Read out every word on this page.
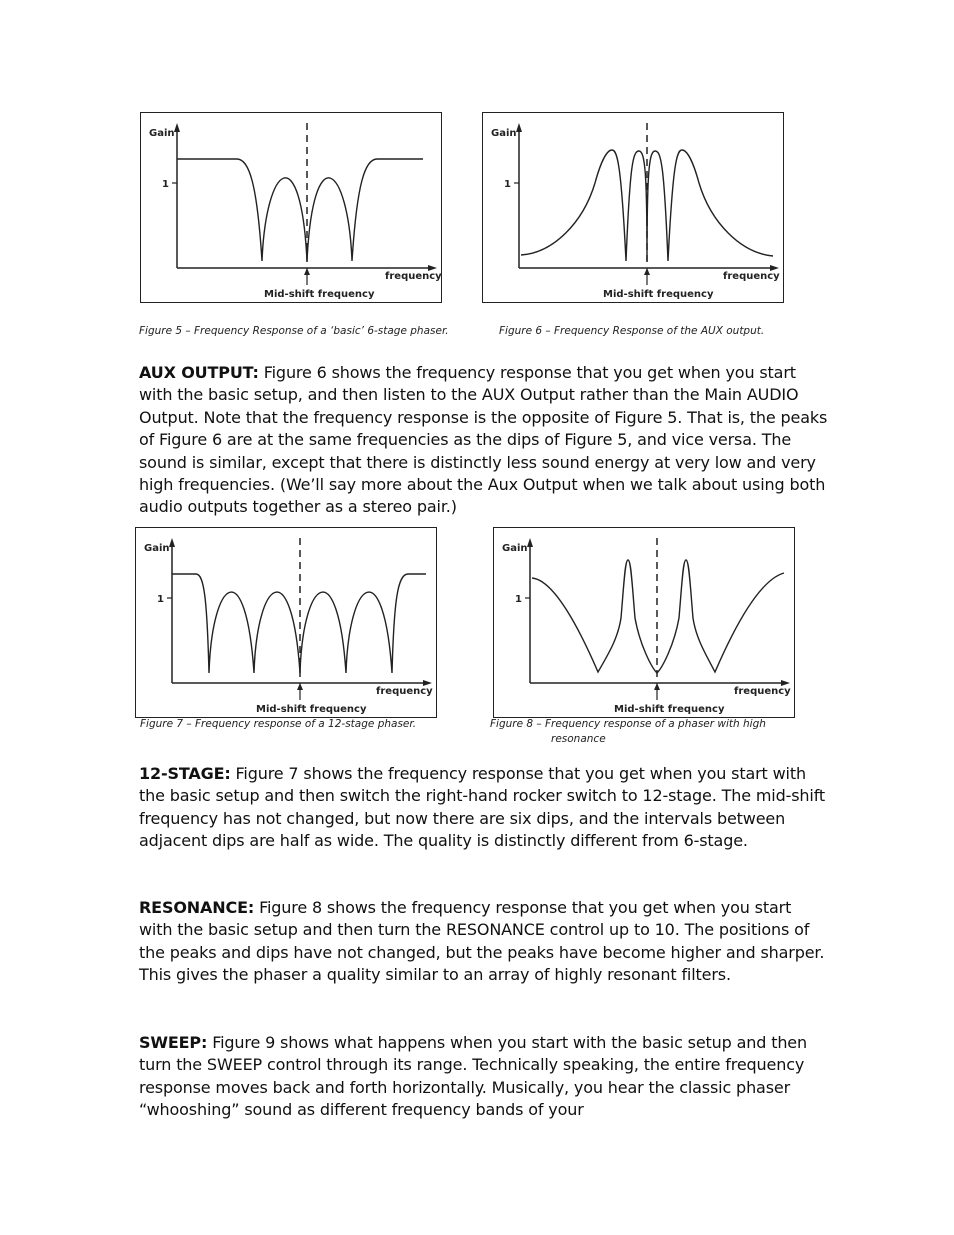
Gain
1
frequency
Mid-shift frequency
Gain
1
frequency
Mid-shift frequency
Figure 5 – Frequency Response of a ‘basic’ 6-stage phaser.	Figure 6 – Frequency Response of the AUX output.

AUX OUTPUT: Figure 6 shows the frequency response that you get when you start with the basic setup, and then listen to the AUX Output rather than the Main AUDIO Output. Note that the frequency response is the opposite of Figure 5. That is, the peaks of Figure 6 are at the same frequencies as the dips of Figure 5, and vice versa. The sound is similar, except that there is distinctly less sound energy at very low and very high frequencies. (We’ll say more about the Aux Output when we talk about using both audio outputs together as a stereo pair.)

Gain
1
frequency
Mid-shift frequency
Gain
1
frequency
Mid-shift frequency
Figure 7 – Frequency response of a 12-stage phaser.	Figure 8 – Frequency response of a phaser with high
resonance

12-STAGE: Figure 7 shows the frequency response that you get when you start with the basic setup and then switch the right-hand rocker switch to 12-stage. The mid-shift frequency has not changed, but now there are six dips, and the intervals between adjacent dips are half as wide. The quality is distinctly different from 6-stage.

RESONANCE: Figure 8 shows the frequency response that you get when you start with the basic setup and then turn the RESONANCE control up to 10. The positions of the peaks and dips have not changed, but the peaks have become higher and sharper. This gives the phaser a quality similar to an array of highly resonant filters.

SWEEP: Figure 9 shows what happens when you start with the basic setup and then turn the SWEEP control through its range. Technically speaking, the entire frequency response moves back and forth horizontally. Musically, you hear the classic phaser “whooshing” sound as different frequency bands of your
